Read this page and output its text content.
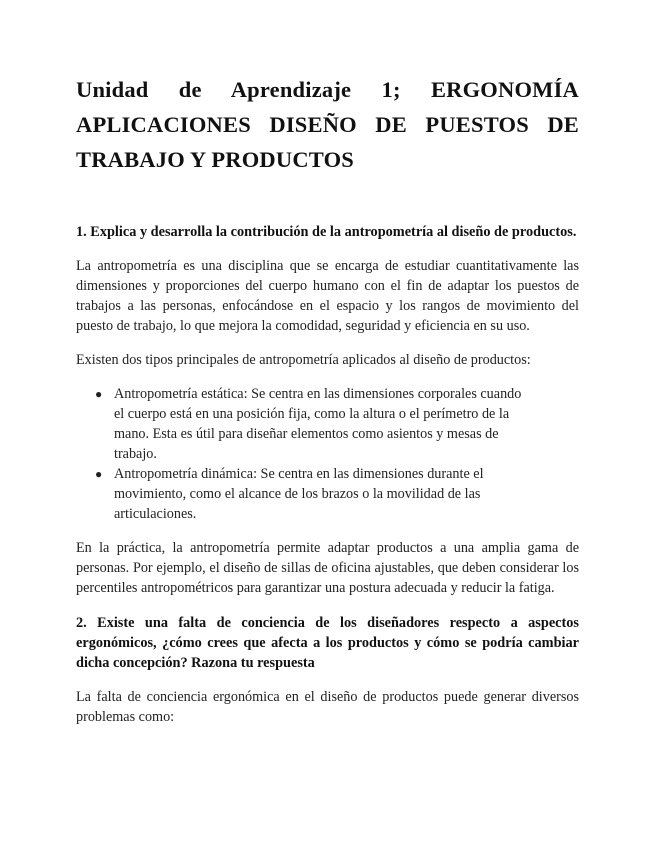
Unidad de Aprendizaje 1; ERGONOMÍA APLICACIONES DISEÑO DE PUESTOS DE TRABAJO Y PRODUCTOS
1. Explica y desarrolla la contribución de la antropometría al diseño de productos.

La antropometría es una disciplina que se encarga de estudiar cuantitativamente las dimensiones y proporciones del cuerpo humano con el fin de adaptar los puestos de trabajos a las personas, enfocándose en el espacio y los rangos de movimiento del puesto de trabajo, lo que mejora la comodidad, seguridad y eficiencia en su uso.

Existen dos tipos principales de antropometría aplicados al diseño de productos:

● Antropometría estática: Se centra en las dimensiones corporales cuando el cuerpo está en una posición fija, como la altura o el perímetro de la mano. Esta es útil para diseñar elementos como asientos y mesas de trabajo.
● Antropometría dinámica: Se centra en las dimensiones durante el movimiento, como el alcance de los brazos o la movilidad de las articulaciones.

En la práctica, la antropometría permite adaptar productos a una amplia gama de personas. Por ejemplo, el diseño de sillas de oficina ajustables, que deben considerar los percentiles antropométricos para garantizar una postura adecuada y reducir la fatiga.

2. Existe una falta de conciencia de los diseñadores respecto a aspectos ergonómicos, ¿cómo crees que afecta a los productos y cómo se podría cambiar dicha concepción? Razona tu respuesta

La falta de conciencia ergonómica en el diseño de productos puede generar diversos problemas como:
